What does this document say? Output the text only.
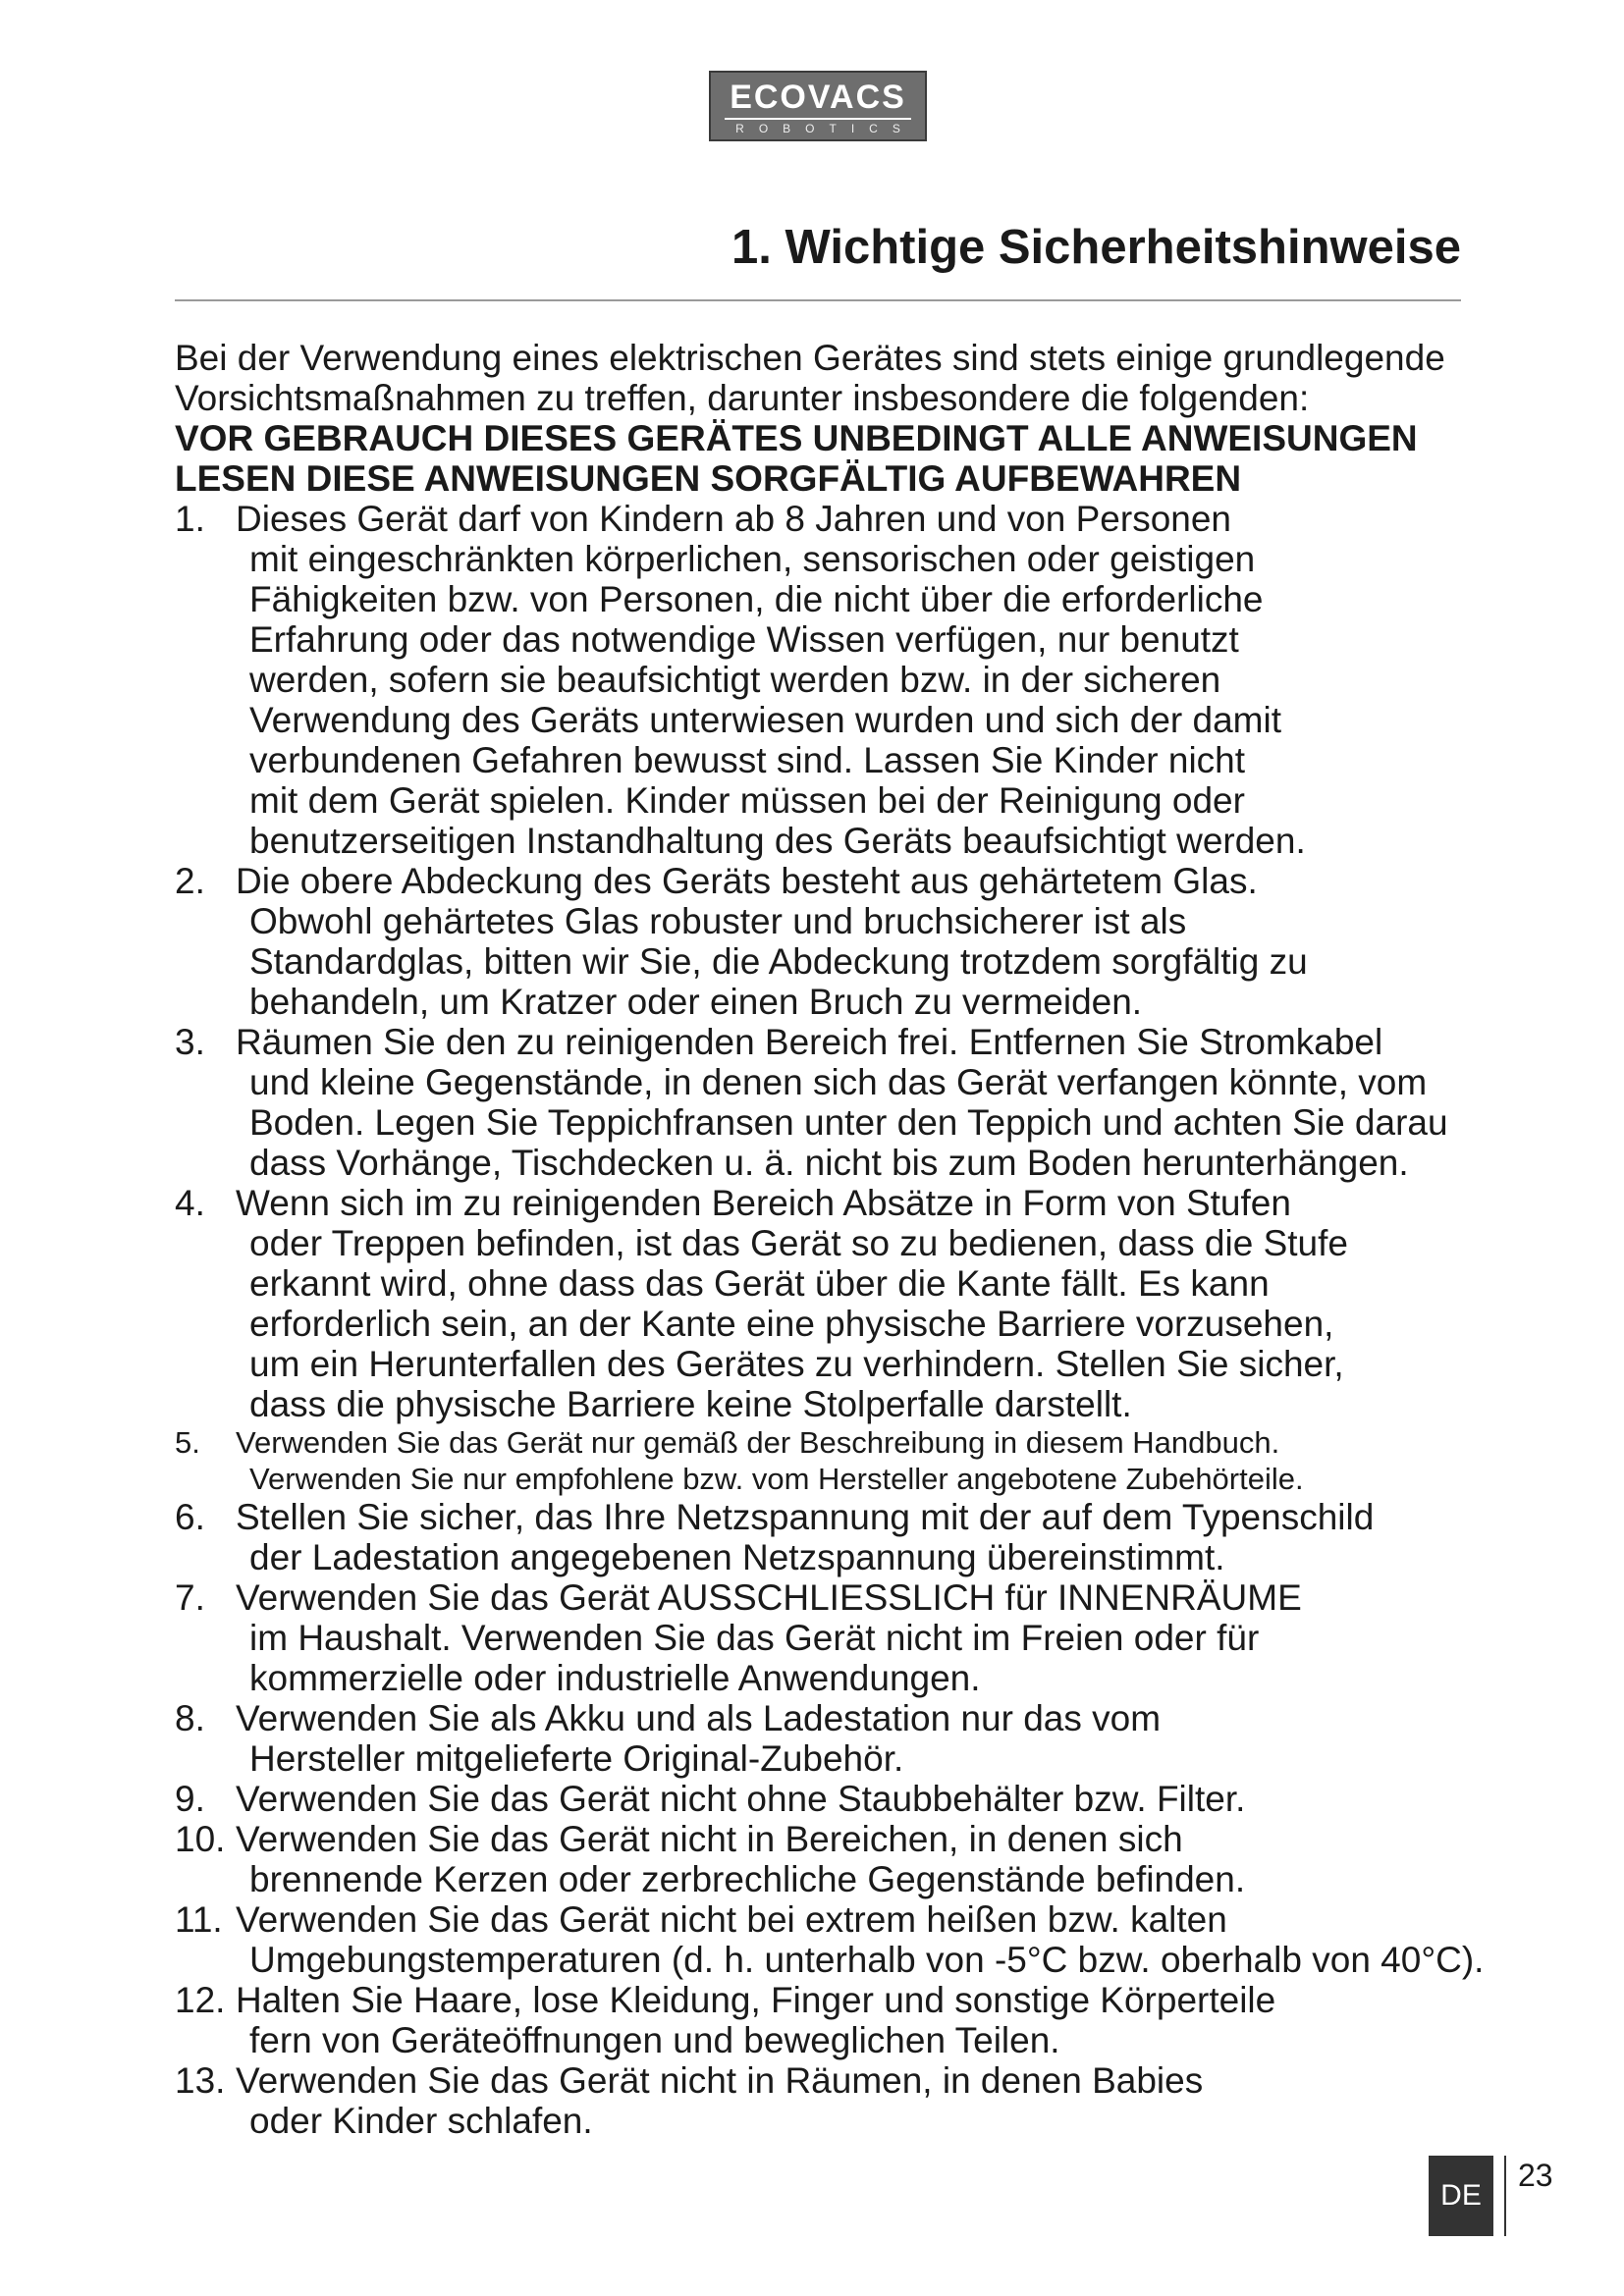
ECOVACS
ROBOTICS
1. Wichtige Sicherheitshinweise

Bei der Verwendung eines elektrischen Gerätes sind stets einige grundlegende

Vorsichtsmaßnahmen zu treffen, darunter insbesondere die folgenden:

VOR GEBRAUCH DIESES GERÄTES UNBEDINGT ALLE ANWEISUNGEN

LESEN DIESE ANWEISUNGEN SORGFÄLTIG AUFBEWAHREN

1. Dieses Gerät darf von Kindern ab 8 Jahren und von Personen
mit eingeschränkten körperlichen, sensorischen oder geistigen
Fähigkeiten bzw. von Personen, die nicht über die erforderliche
Erfahrung oder das notwendige Wissen verfügen, nur benutzt
werden, sofern sie beaufsichtigt werden bzw. in der sicheren
Verwendung des Geräts unterwiesen wurden und sich der damit
verbundenen Gefahren bewusst sind. Lassen Sie Kinder nicht
mit dem Gerät spielen. Kinder müssen bei der Reinigung oder
benutzerseitigen Instandhaltung des Geräts beaufsichtigt werden.
2. Die obere Abdeckung des Geräts besteht aus gehärtetem Glas.
Obwohl gehärtetes Glas robuster und bruchsicherer ist als
Standardglas, bitten wir Sie, die Abdeckung trotzdem sorgfältig zu
behandeln, um Kratzer oder einen Bruch zu vermeiden.
3. Räumen Sie den zu reinigenden Bereich frei. Entfernen Sie Stromkabel
und kleine Gegenstände, in denen sich das Gerät verfangen könnte, vom
Boden. Legen Sie Teppichfransen unter den Teppich und achten Sie darau
dass Vorhänge, Tischdecken u. ä. nicht bis zum Boden herunterhängen.
4. Wenn sich im zu reinigenden Bereich Absätze in Form von Stufen
oder Treppen befinden, ist das Gerät so zu bedienen, dass die Stufe
erkannt wird, ohne dass das Gerät über die Kante fällt. Es kann
erforderlich sein, an der Kante eine physische Barriere vorzusehen,
um ein Herunterfallen des Gerätes zu verhindern. Stellen Sie sicher,
dass die physische Barriere keine Stolperfalle darstellt.
5. Verwenden Sie das Gerät nur gemäß der Beschreibung in diesem Handbuch.
Verwenden Sie nur empfohlene bzw. vom Hersteller angebotene Zubehörteile.
6. Stellen Sie sicher, das Ihre Netzspannung mit der auf dem Typenschild
der Ladestation angegebenen Netzspannung übereinstimmt.
7. Verwenden Sie das Gerät AUSSCHLIESSLICH für INNENRÄUME
im Haushalt. Verwenden Sie das Gerät nicht im Freien oder für
kommerzielle oder industrielle Anwendungen.
8. Verwenden Sie als Akku und als Ladestation nur das vom
Hersteller mitgelieferte Original-Zubehör.
9. Verwenden Sie das Gerät nicht ohne Staubbehälter bzw. Filter.
10. Verwenden Sie das Gerät nicht in Bereichen, in denen sich
brennende Kerzen oder zerbrechliche Gegenstände befinden.
11. Verwenden Sie das Gerät nicht bei extrem heißen bzw. kalten
Umgebungstemperaturen (d. h. unterhalb von -5°C bzw. oberhalb von 40°C).
12. Halten Sie Haare, lose Kleidung, Finger und sonstige Körperteile
fern von Geräteöffnungen und beweglichen Teilen.
13. Verwenden Sie das Gerät nicht in Räumen, in denen Babies
oder Kinder schlafen.
DE
23
